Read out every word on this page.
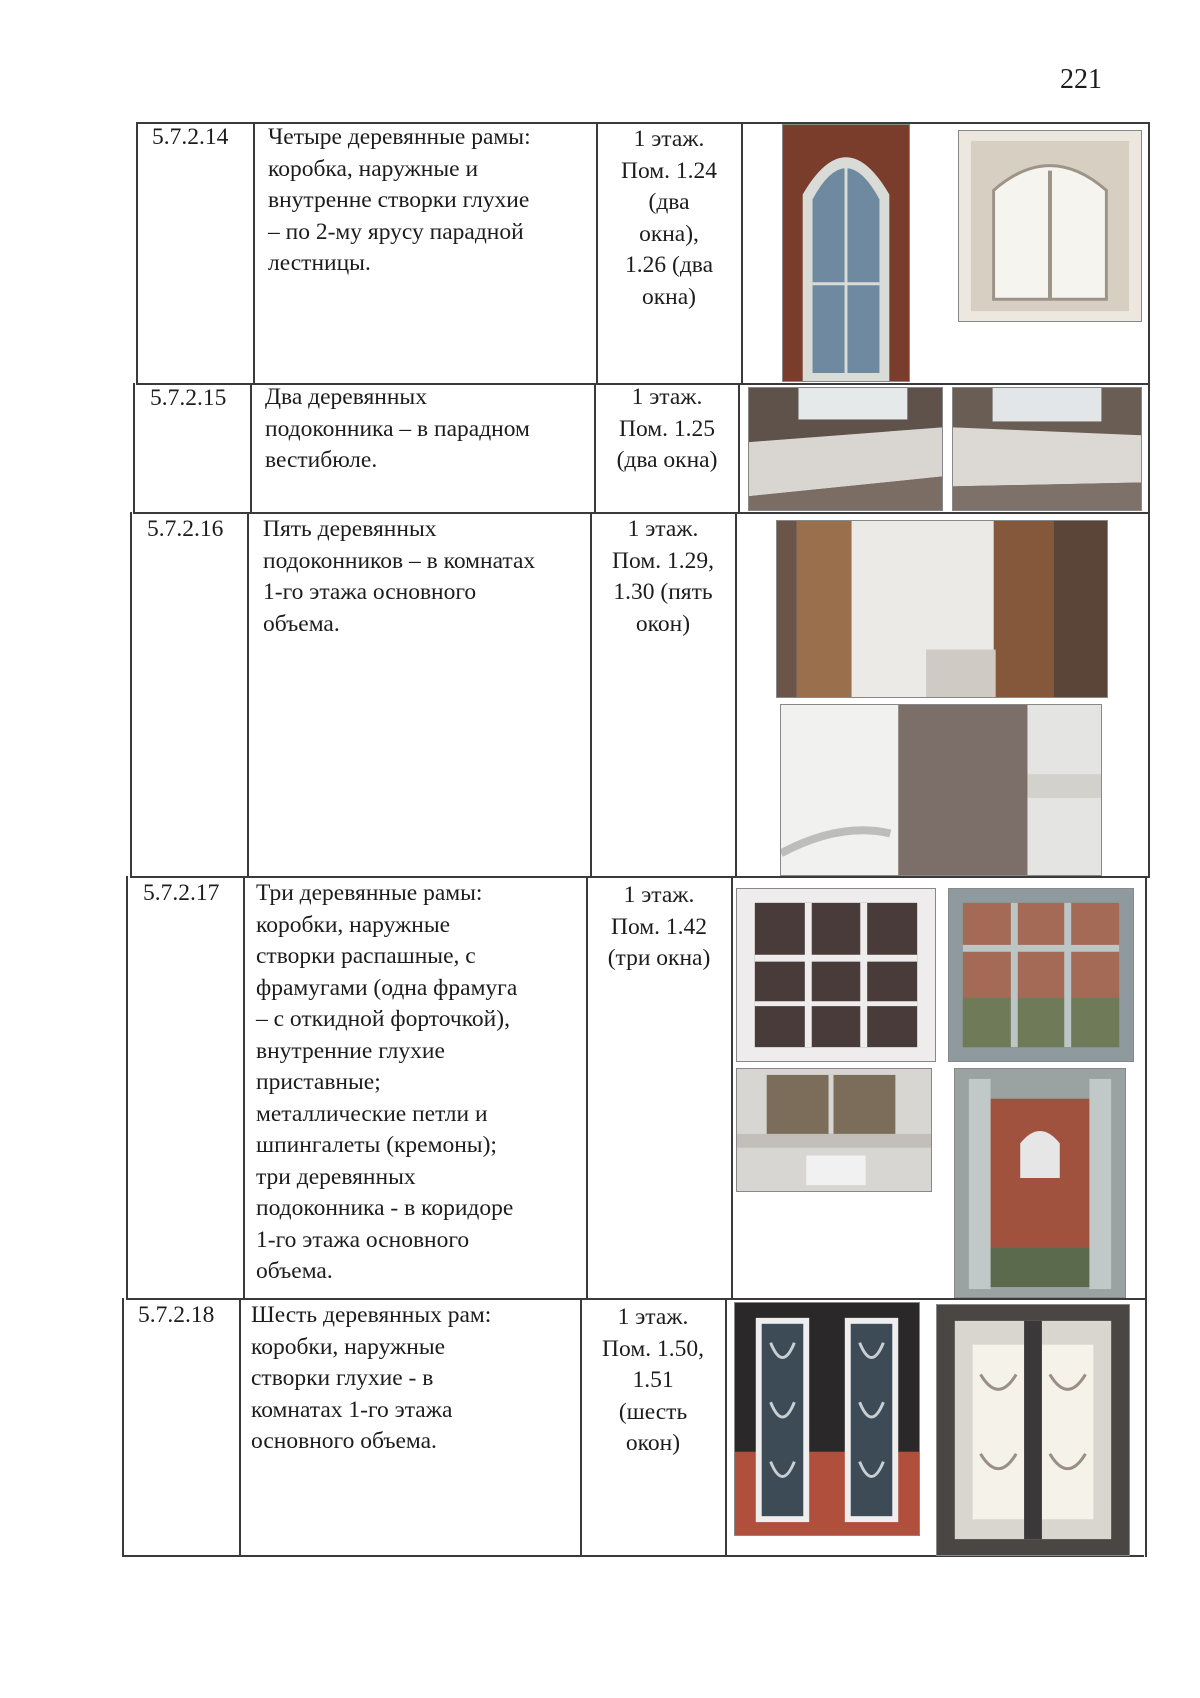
221
5.7.2.14 Четыре деревянные рамы:
коробка, наружные и
внутренне створки глухие
– по 2-му ярусу парадной
лестницы.
1 этаж.
Пом. 1.24
(два
окна),
1.26 (два
окна)
5.7.2.15 Два деревянных
подоконника – в парадном
вестибюле.
1 этаж.
Пом. 1.25
(два окна)
5.7.2.16 Пять деревянных
подоконников – в комнатах
1-го этажа основного
объема.
1 этаж.
Пом. 1.29,
1.30 (пять
окон)
5.7.2.17 Три деревянные рамы:
коробки, наружные
створки распашные, с
фрамугами (одна фрамуга
– с откидной форточкой),
внутренние глухие
приставные;
металлические петли и
шпингалеты (кремоны);
три деревянных
подоконника - в коридоре
1-го этажа основного
объема.
1 этаж.
Пом. 1.42
(три окна)
5.7.2.18 Шесть деревянных рам:
коробки, наружные
створки глухие - в
комнатах 1-го этажа
основного объема.
1 этаж.
Пом. 1.50,
1.51
(шесть
окон)
